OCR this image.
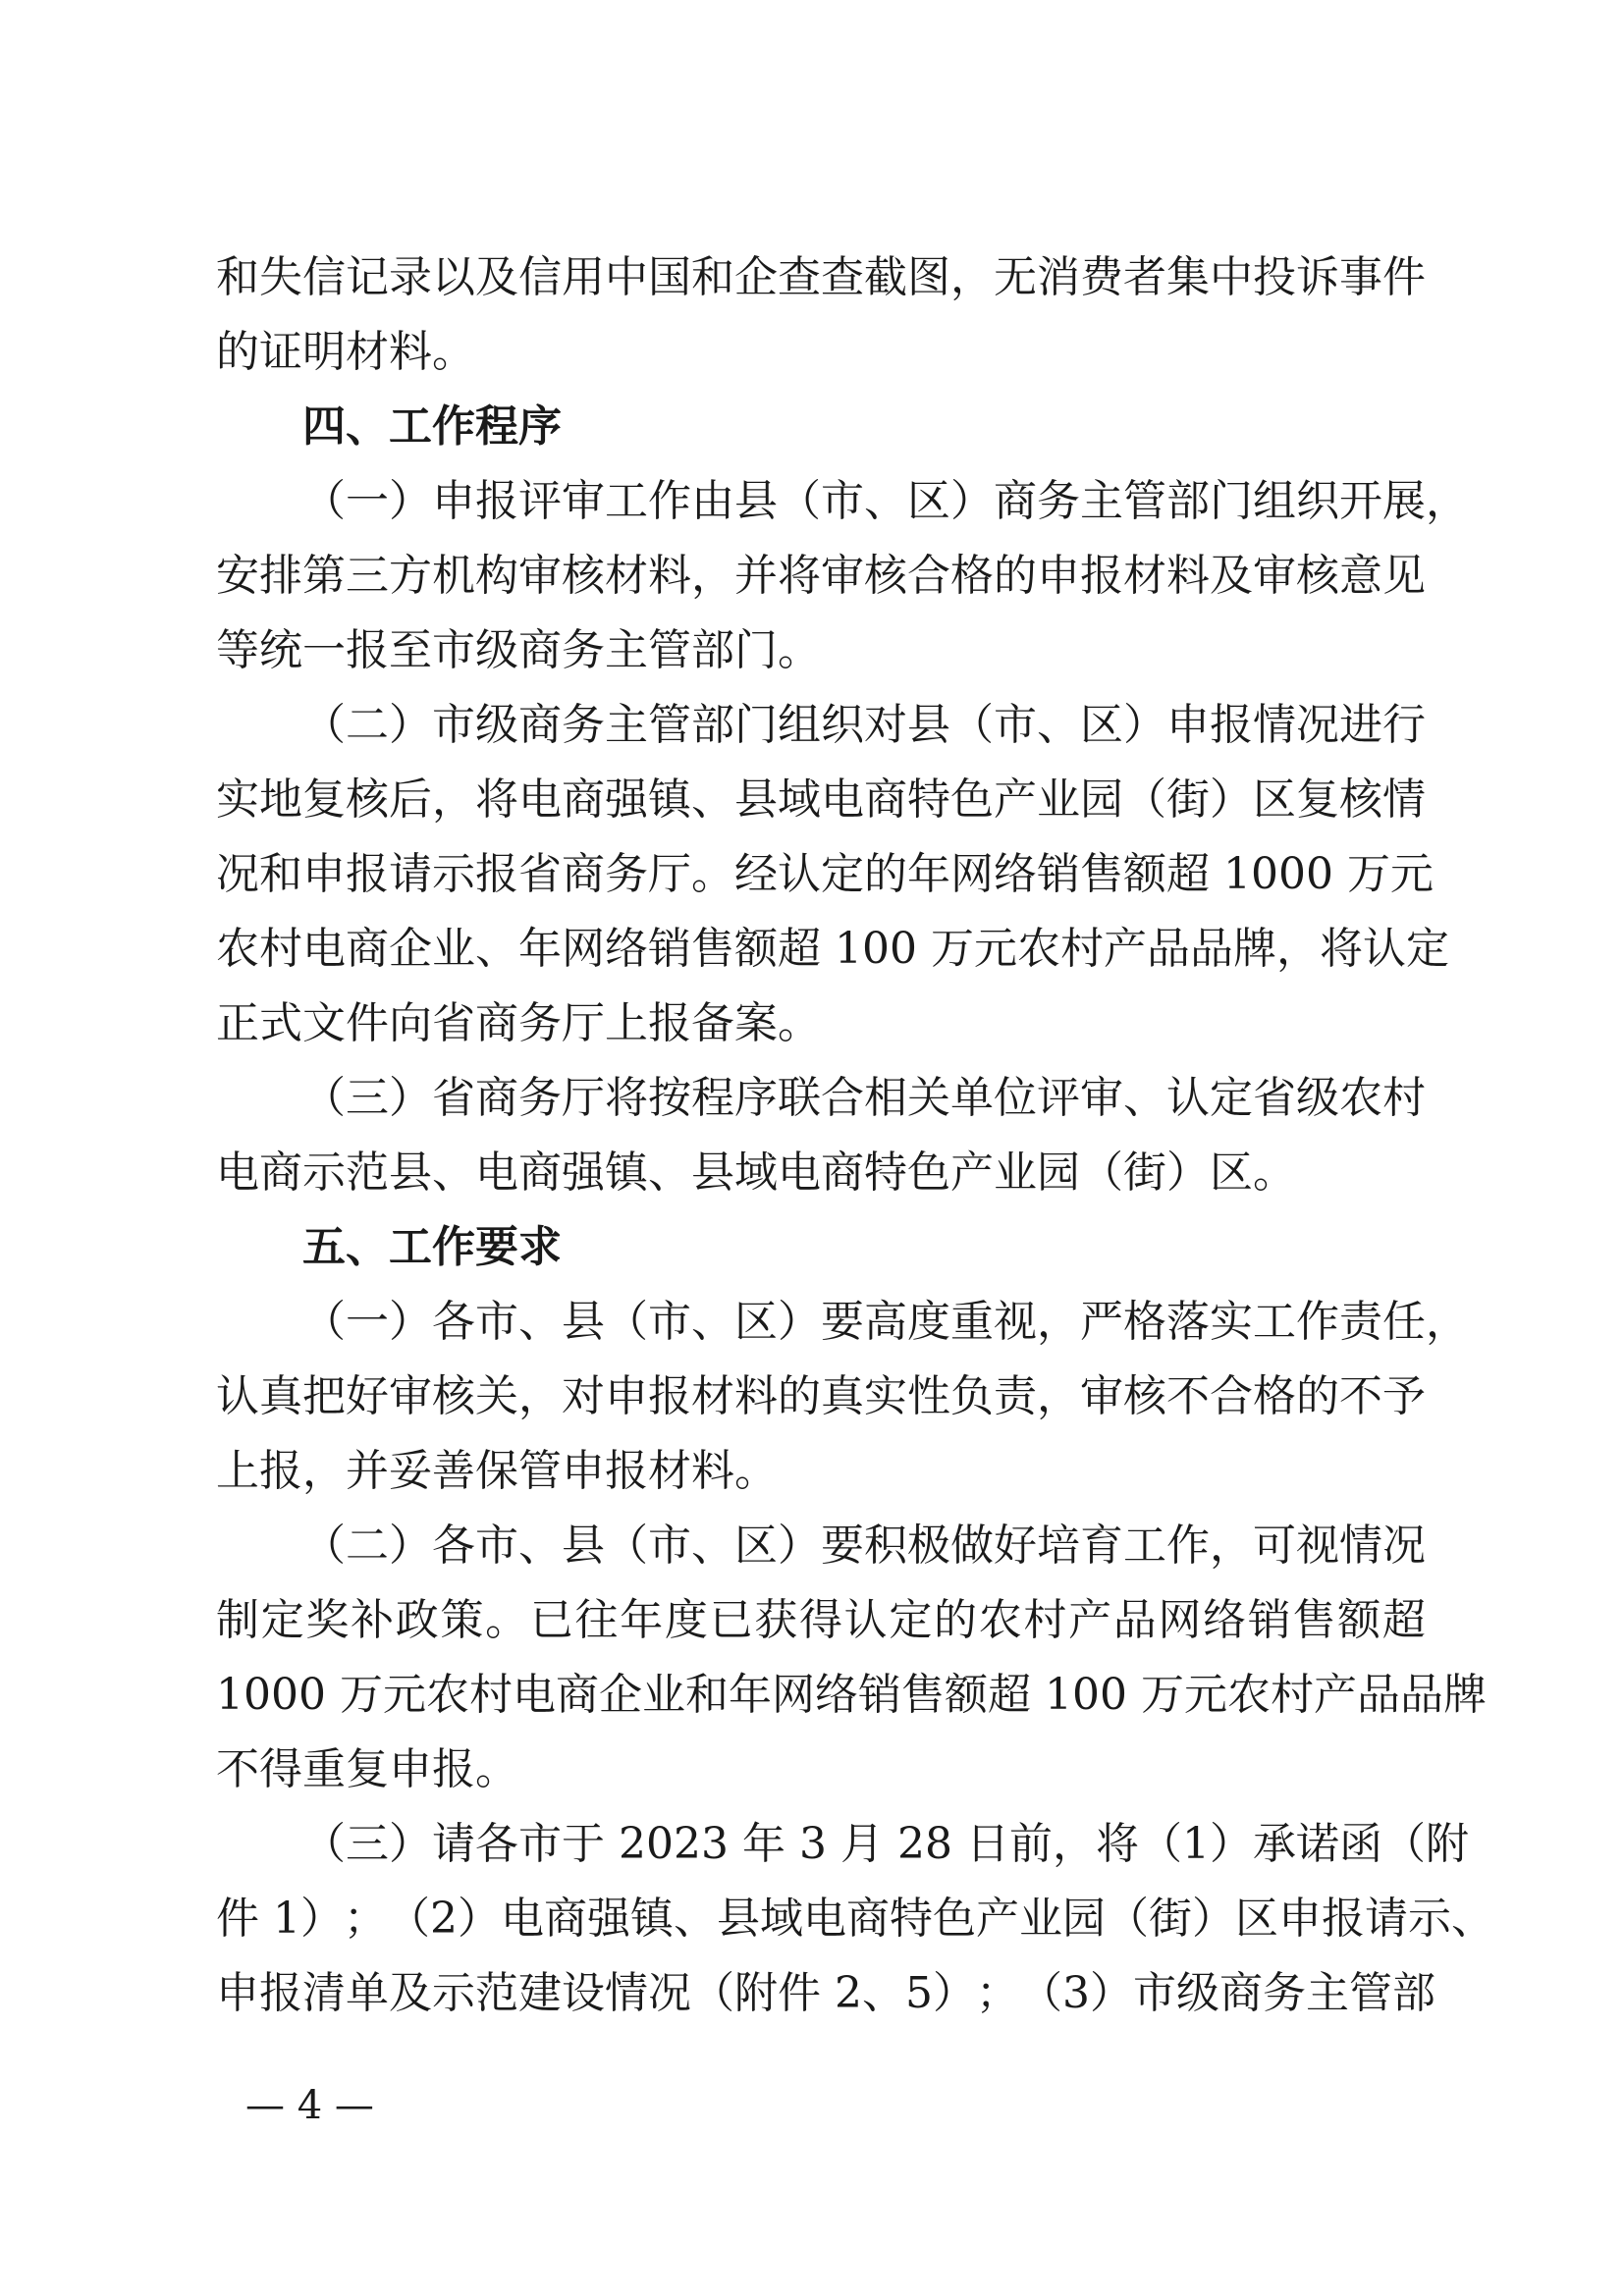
和 失 信 记 录 以 及 信 用 中 国 和 企 查 查 截 图 ， 无 消 费 者 集 中 投 诉 事 件
的证明材料。
四、工作程序
（ 一 ） 申 报 评 审 工 作 由 县 （ 市 、 区 ） 商 务 主 管 部 门 组 织 开 展 ，
安 排 第 三 方 机 构 审 核 材 料 ， 并 将 审 核 合 格 的 申 报 材 料 及 审 核 意 见
等统一报至市级商务主管部门。
（ 二 ） 市 级 商 务 主 管 部 门 组 织 对 县 （ 市 、 区 ） 申 报 情 况 进 行
实 地 复 核 后 ， 将 电 商 强 镇 、 县 域 电 商 特 色 产 业 园 （ 街 ） 区 复 核 情
况 和 申 报 请 示 报 省 商 务 厅 。 经 认 定 的 年 网 络 销 售 额 超
1 0 0 0
万 元
农 村 电 商 企 业 、 年 网 络 销 售 额 超
1 0 0
万 元 农 村 产 品 品 牌 ， 将 认 定
正式文件向省商务厅上报备案。
（ 三 ） 省 商 务 厅 将 按 程 序 联 合 相 关 单 位 评 审 、 认 定 省 级 农 村
电商示范县、电商强镇、县域电商特色产业园（街）区。
五、工作要求
（ 一 ） 各 市 、 县 （ 市 、 区 ） 要 高 度 重 视 ， 严 格 落 实 工 作 责 任 ，
认 真 把 好 审 核 关 ， 对 申 报 材 料 的 真 实 性 负 责 ， 审 核 不 合 格 的 不 予
上报，并妥善保管申报材料。
（ 二 ） 各 市 、 县 （ 市 、 区 ） 要 积 极 做 好 培 育 工 作 ， 可 视 情 况
制 定 奖 补 政 策 。 已 往 年 度 已 获 得 认 定 的 农 村 产 品 网 络 销 售 额 超
1 0 0 0
万 元 农 村 电 商 企 业 和 年 网 络 销 售 额 超
1 0 0
万 元 农 村 产 品 品 牌
不得重复申报。
（ 三 ） 请 各 市 于
2 0 2 3
年
3
月
2 8
日 前 ， 将 （ 1 ） 承 诺 函 （ 附
件
1 ） ； （ 2 ） 电 商 强 镇 、 县 域 电 商 特 色 产 业 园 （ 街 ） 区 申 报 请 示 、
申 报 清 单 及 示 范 建 设 情 况 （ 附 件
2 、 5 ） ； （ 3 ） 市 级 商 务 主 管 部
— 4 —
